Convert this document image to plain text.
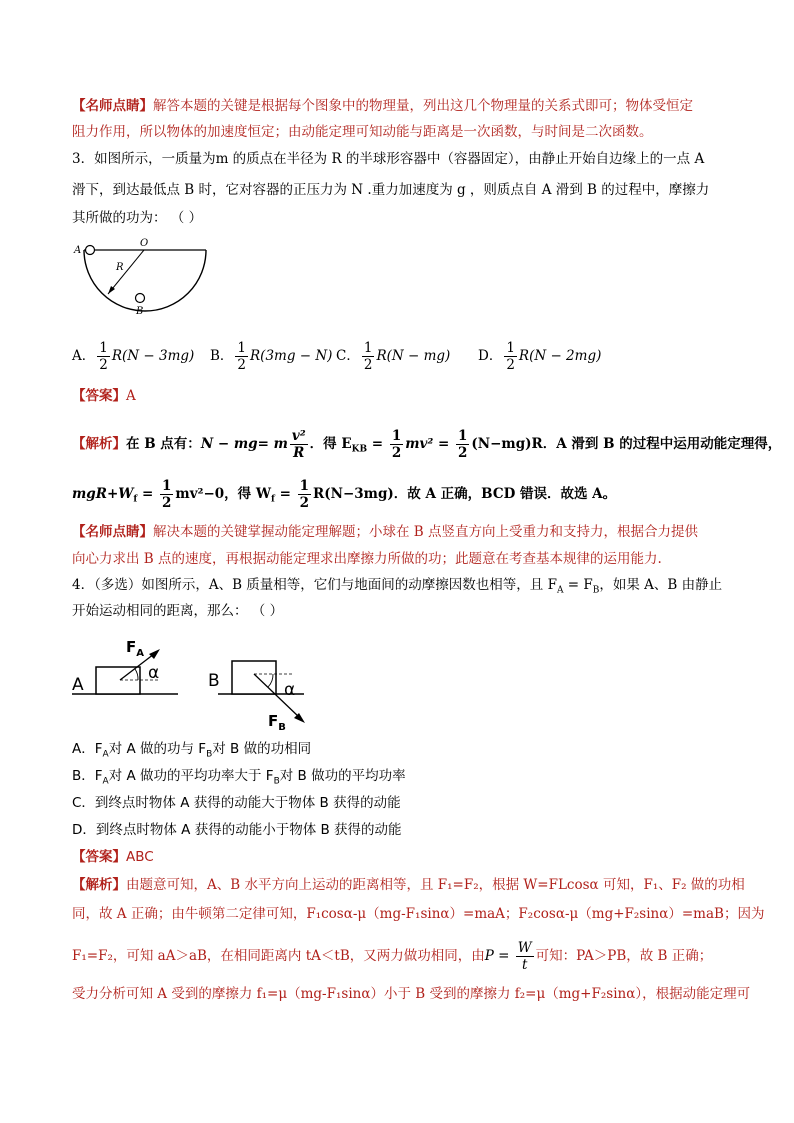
【名师点睛】解答本题的关键是根据每个图象中的物理量，列出这几个物理量的关系式即可；物体受恒定
阻力作用，所以物体的加速度恒定；由动能定理可知动能与距离是一次函数，与时间是二次函数。
3．如图所示，一质量为m 的质点在半径为 R 的半球形容器中（容器固定），由静止开始自边缘上的一点 A
滑下，到达最低点 B 时，它对容器的正压力为 N .重力加速度为 g ，则质点自 A 滑到 B 的过程中，摩擦力
其所做的功为： （ ）
A
O
R
B
A． $\frac{1}{2} R(N - 3mg)$ B． $\frac{1}{2} R(3mg - N)$ C． $\frac{1}{2} R(N - mg)$ D． $\frac{1}{2} R(N - 2mg)$
【答案】A
【解析】在 B 点有：N − mg= m $\frac{\text{v²}}{R}$ ．得 $E_{KB} = \frac{1}{2} mv^2 = \frac{1}{2} (N-mg)R$．A 滑到 B 的过程中运用动能定理得，
$mgR+W_f = \frac{1}{2} mv^2-0$，得 $W_f = \frac{1}{2} R(N-3mg)$．故 A 正确，BCD 错误．故选 A。
【名师点睛】解决本题的关键掌握动能定理解题；小球在 B 点竖直方向上受重力和支持力，根据合力提供
向心力求出 B 点的速度，再根据动能定理求出摩擦力所做的功；此题意在考查基本规律的运用能力.
4．（多选）如图所示，A、B 质量相等，它们与地面间的动摩擦因数也相等，且 $F_A = F_B$，如果 A、B 由静止
开始运动相同的距离，那么： （ ）
A
$F_A$
α	B	α
$F_B$
A．$F_A$对 A 做的功与 $F_B$对 B 做的功相同
B．$F_A$对 A 做功的平均功率大于 $F_B$对 B 做功的平均功率
C．到终点时物体 A 获得的动能大于物体 B 获得的动能
D．到终点时物体 A 获得的动能小于物体 B 获得的动能
【答案】ABC
【解析】由题意可知，A、B 水平方向上运动的距离相等，且 F₁=F₂，根据 W=FLcosα 可知，F₁、F₂ 做的功相
同，故 A 正确；由牛顿第二定律可知，F₁cosα-μ（mg-F₁sinα）=maA；F₂cosα-μ（mg+F₂sinα）=maB；因为
F₁=F₂，可知 aA＞aB，在相同距离内 tA＜tB，又两力做功相同，由$P = \frac{W}{t}$ 可知：PA＞PB，故 B 正确；
受力分析可知 A 受到的摩擦力 f₁=μ（mg-F₁sinα）小于 B 受到的摩擦力 f₂=μ（mg+F₂sinα），根据动能定理可
